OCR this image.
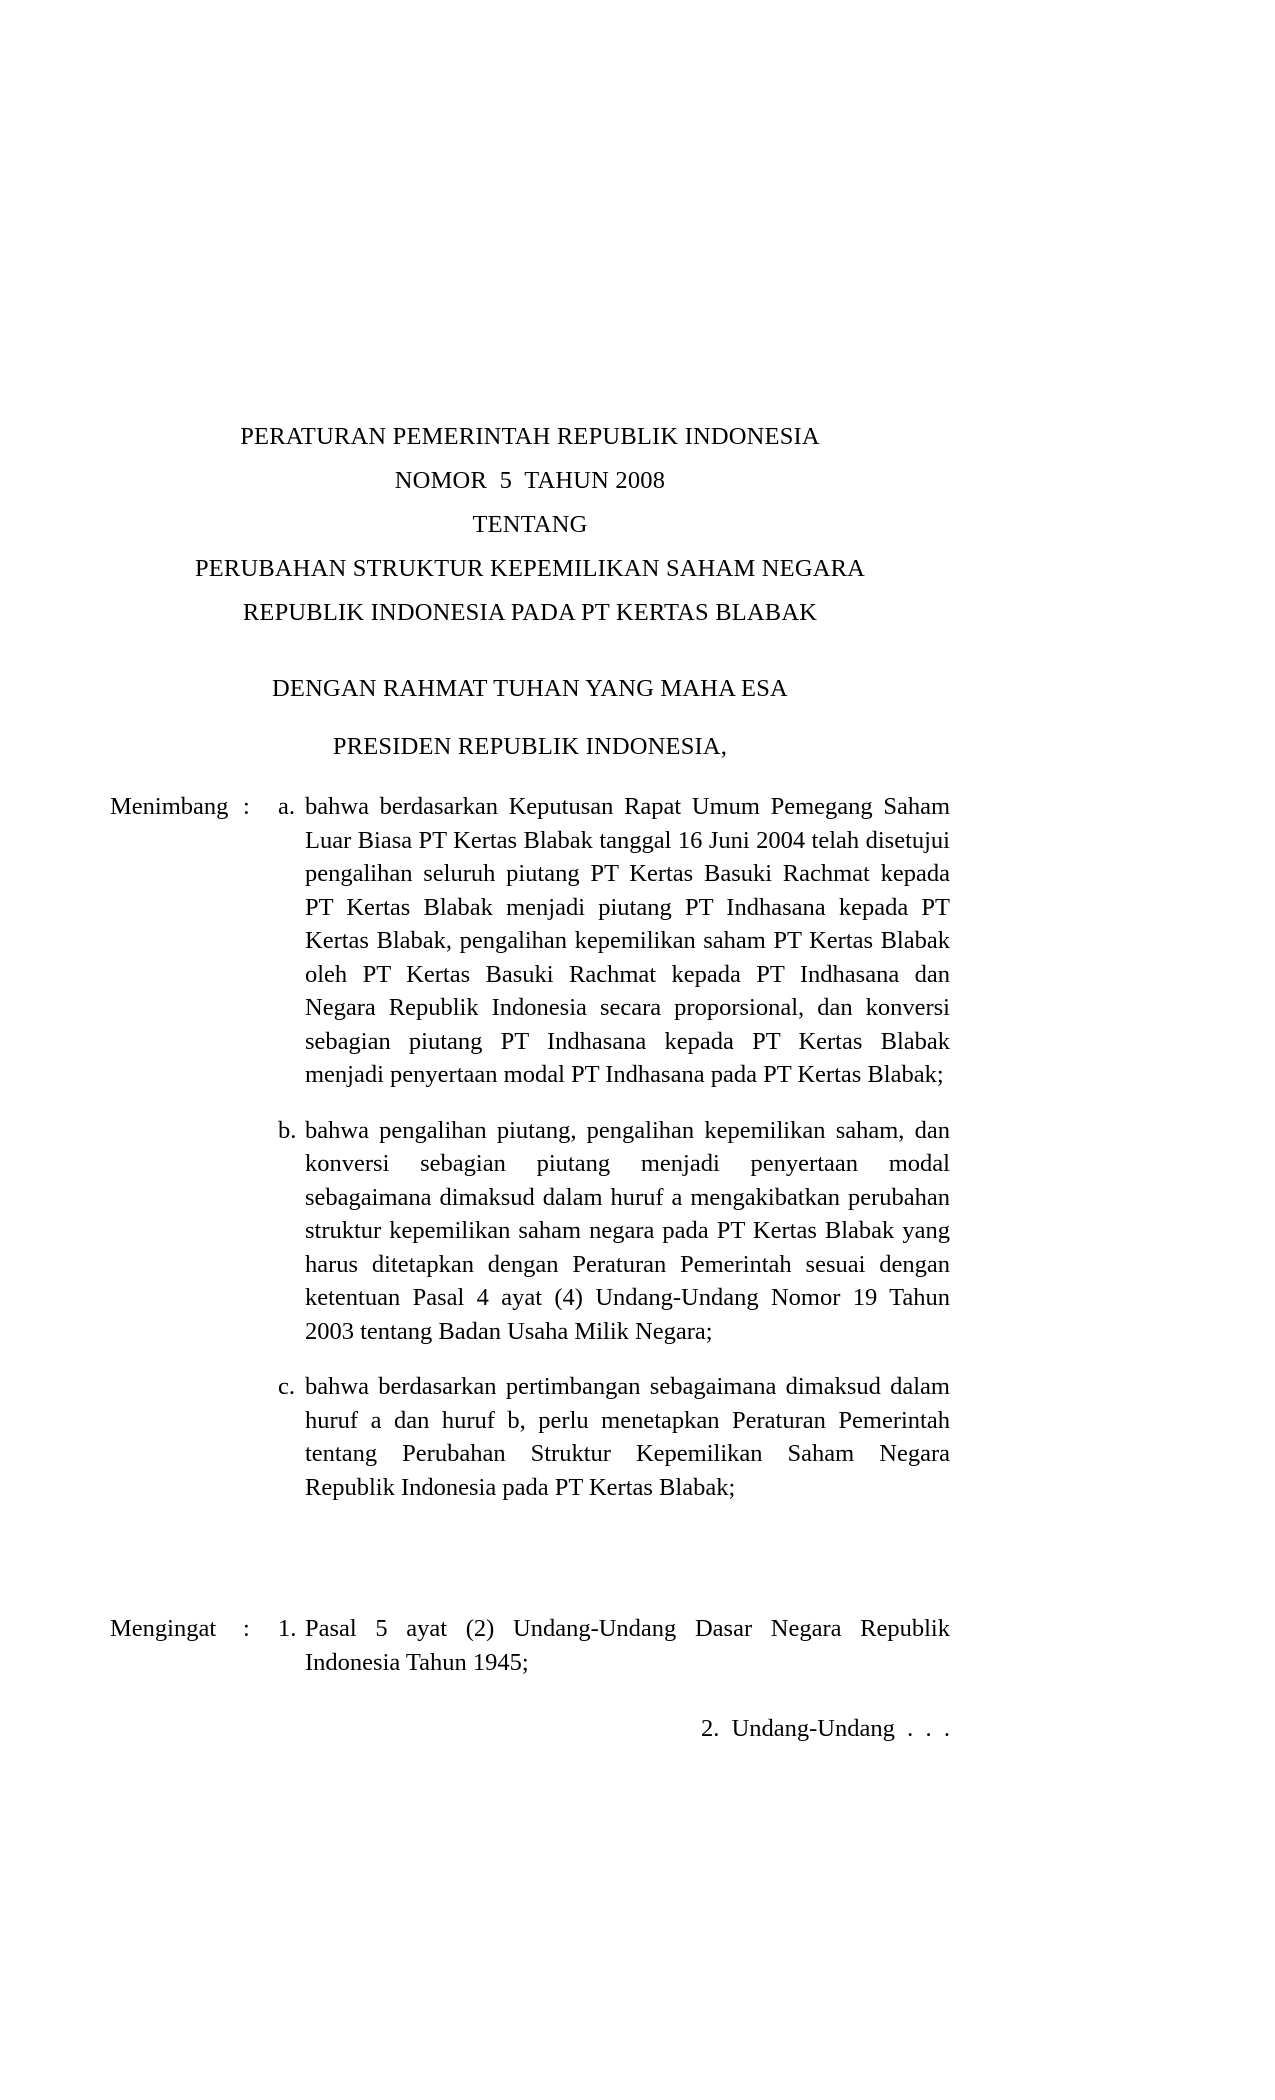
PERATURAN PEMERINTAH REPUBLIK INDONESIA
NOMOR  5  TAHUN 2008
TENTANG
PERUBAHAN STRUKTUR KEPEMILIKAN SAHAM NEGARA
REPUBLIK INDONESIA PADA PT KERTAS BLABAK
DENGAN RAHMAT TUHAN YANG MAHA ESA
PRESIDEN REPUBLIK INDONESIA,
Menimbang :	a. bahwa berdasarkan Keputusan Rapat Umum Pemegang Saham Luar Biasa PT Kertas Blabak tanggal 16 Juni 2004 telah disetujui pengalihan seluruh piutang PT Kertas Basuki Rachmat kepada PT Kertas Blabak menjadi piutang PT Indhasana kepada PT Kertas Blabak, pengalihan kepemilikan saham PT Kertas Blabak oleh PT Kertas Basuki Rachmat kepada PT Indhasana dan Negara Republik Indonesia secara proporsional, dan konversi sebagian piutang PT Indhasana kepada PT Kertas Blabak menjadi penyertaan modal PT Indhasana pada PT Kertas Blabak;
b. bahwa pengalihan piutang, pengalihan kepemilikan saham, dan konversi sebagian piutang menjadi penyertaan modal sebagaimana dimaksud dalam huruf a mengakibatkan perubahan struktur kepemilikan saham negara pada PT Kertas Blabak yang harus ditetapkan dengan Peraturan Pemerintah sesuai dengan ketentuan Pasal 4 ayat (4) Undang-Undang Nomor 19 Tahun 2003 tentang Badan Usaha Milik Negara;
c. bahwa berdasarkan pertimbangan sebagaimana dimaksud dalam huruf a dan huruf b, perlu menetapkan Peraturan Pemerintah tentang Perubahan Struktur Kepemilikan Saham Negara Republik Indonesia pada PT Kertas Blabak;
Mengingat	:	1. Pasal 5 ayat (2) Undang-Undang Dasar Negara Republik Indonesia Tahun 1945;
2.  Undang-Undang  .  .  .
